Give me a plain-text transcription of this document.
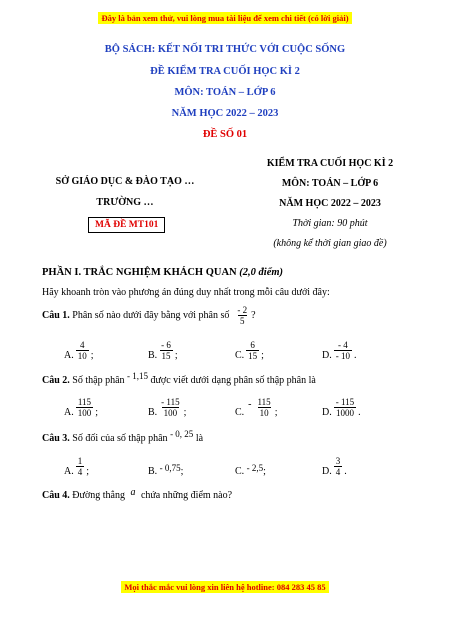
Đây là bản xem thử, vui lòng mua tài liệu để xem chi tiết (có lời giải)
BỘ SÁCH: KẾT NỐI TRI THỨC VỚI CUỘC SỐNG
ĐỀ KIỂM TRA CUỐI HỌC KÌ 2
MÔN: TOÁN – LỚP 6
NĂM HỌC 2022 – 2023
ĐỀ SỐ 01
SỞ GIÁO DỤC & ĐÀO TẠO …
TRƯỜNG …
MÃ ĐỀ MT101
KIỂM TRA CUỐI HỌC KÌ 2
MÔN: TOÁN – LỚP 6
NĂM HỌC 2022 – 2023
Thời gian: 90 phút
(không kể thời gian giao đề)
PHẦN I. TRẮC NGHIỆM KHÁCH QUAN (2,0 điểm)
Hãy khoanh tròn vào phương án đúng duy nhất trong mỗi câu dưới đây:
Câu 1.
Phân số nào dưới đây bằng với phân số $\frac{- 2}{5}$ ?
A. $\frac{4}{10}$ ;	B. $\frac{- 6}{15}$ ;	C. $\frac{6}{15}$ ;	D. $\frac{- 4}{- 10}$ .
Câu 2. Số thập phân - 1,15 được viết dưới dạng phân số thập phân là
A. $\frac{115}{100}$ ;	B. $\frac{- 115}{100}$ ;	C.
- $\frac{115}{10}$ ;	D. $\frac{- 115}{1000}$ .
Câu 3. Số đối của số thập phân - 0, 25 là
A. $\frac{1}{4}$ ;	B. - 0,75;	C. - 2,5;	D. $\frac{3}{4}$ .
Câu 4. Đường thẳng a chứa những điểm nào?
Mọi thắc mắc vui lòng xin liên hệ hotline: 084 283 45 85
